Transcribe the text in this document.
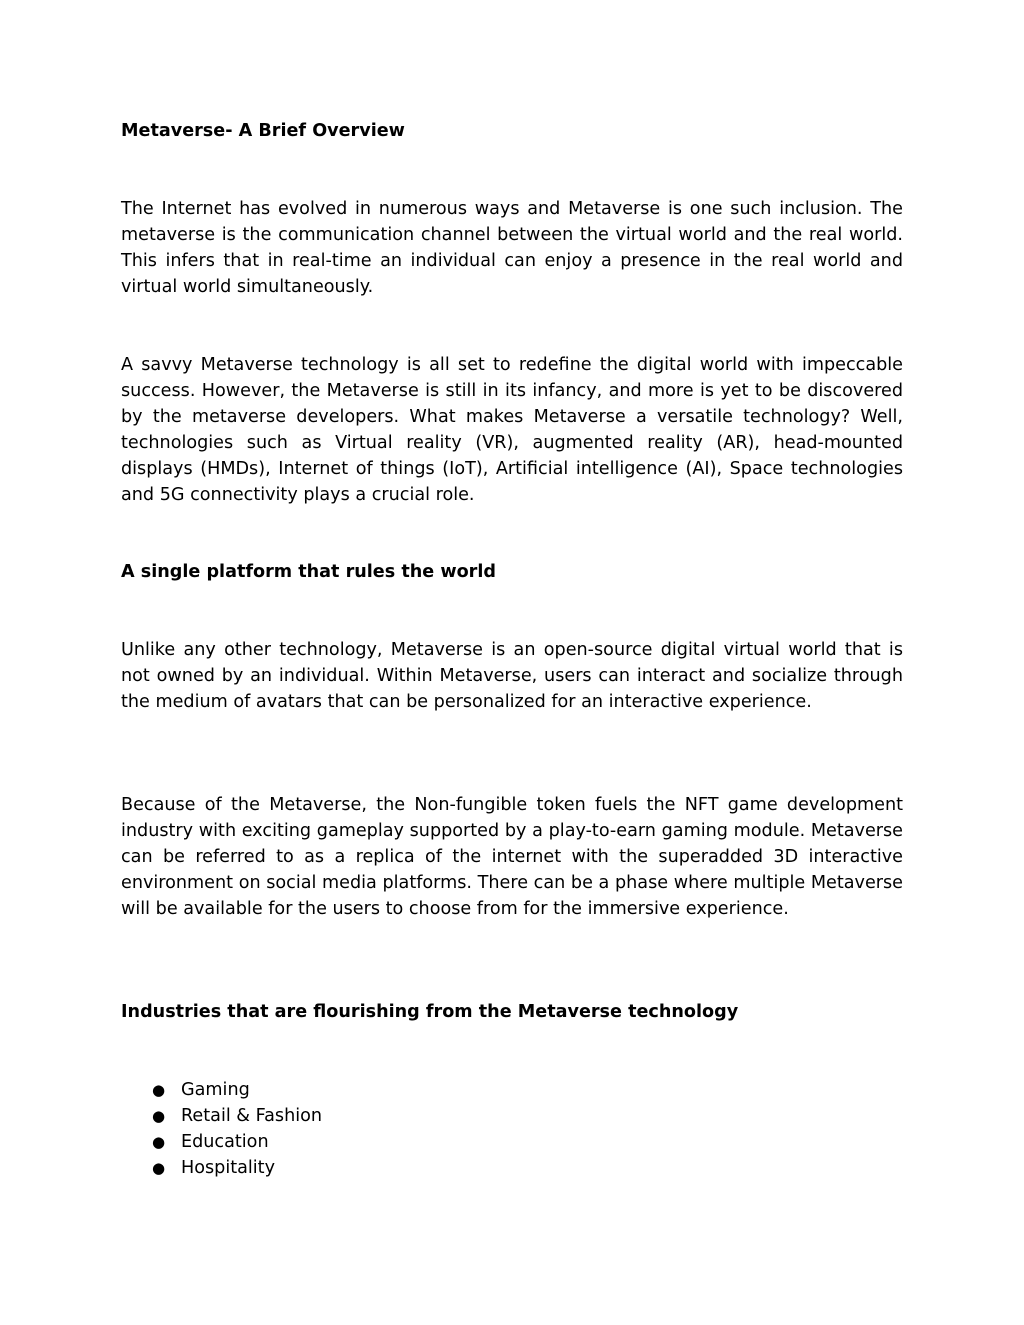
Metaverse- A Brief Overview

The Internet has evolved in numerous ways and Metaverse is one such inclusion. The metaverse is the communication channel between the virtual world and the real world. This infers that in real-time an individual can enjoy a presence in the real world and virtual world simultaneously.

A savvy Metaverse technology is all set to redefine the digital world with impeccable success. However, the Metaverse is still in its infancy, and more is yet to be discovered by the metaverse developers. What makes Metaverse a versatile technology? Well, technologies such as Virtual reality (VR), augmented reality (AR), head-mounted displays (HMDs), Internet of things (IoT), Artificial intelligence (AI), Space technologies and 5G connectivity plays a crucial role.

A single platform that rules the world

Unlike any other technology, Metaverse is an open-source digital virtual world that is not owned by an individual. Within Metaverse, users can interact and socialize through the medium of avatars that can be personalized for an interactive experience.

Because of the Metaverse, the Non-fungible token fuels the NFT game development industry with exciting gameplay supported by a play-to-earn gaming module. Metaverse can be referred to as a replica of the internet with the superadded 3D interactive environment on social media platforms. There can be a phase where multiple Metaverse will be available for the users to choose from for the immersive experience.

Industries that are flourishing from the Metaverse technology
● Gaming
● Retail & Fashion
● Education
● Hospitality
